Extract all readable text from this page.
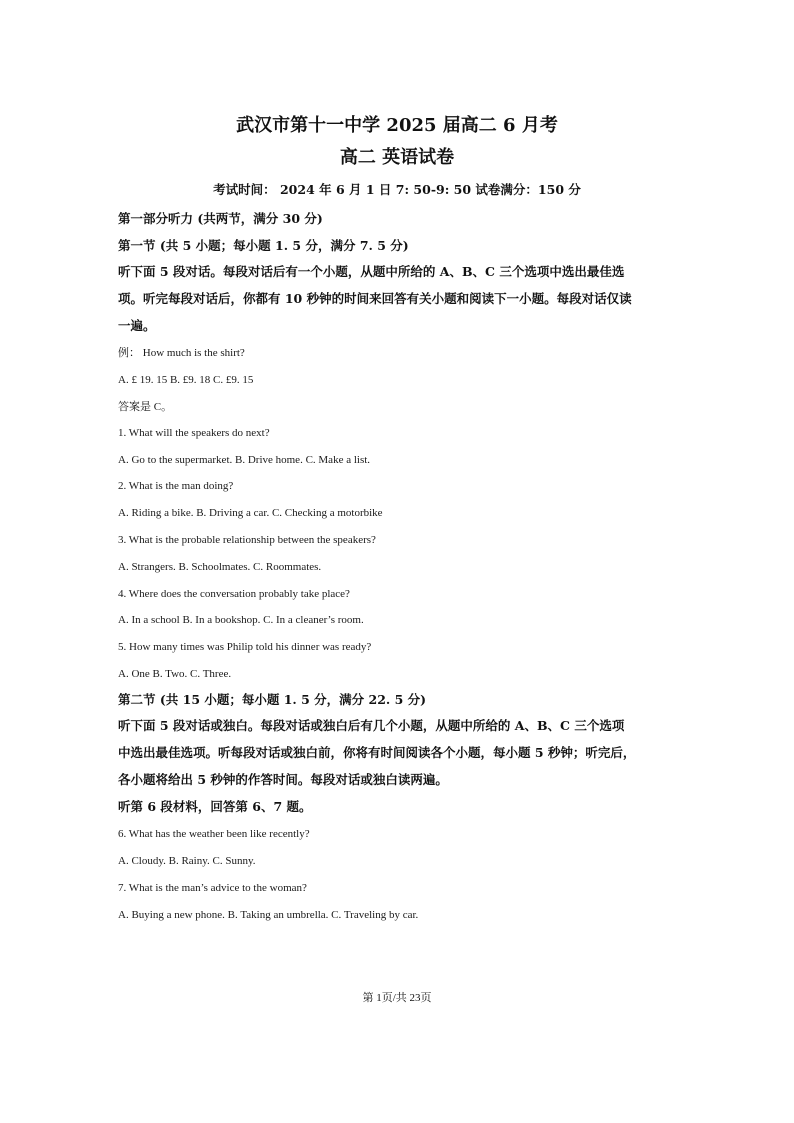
武汉市第十一中学 2025 届高二 6 月考
高二 英语试卷
考试时间： 2024 年 6 月 1 日 7: 50-9: 50 试卷满分：150 分
第一部分听力 (共两节，满分 30 分)
第一节 (共 5 小题；每小题 1. 5 分，满分 7. 5 分)
听下面 5 段对话。每段对话后有一个小题，从题中所给的 A、B、C 三个选项中选出最佳选
项。听完每段对话后，你都有 10 秒钟的时间来回答有关小题和阅读下一小题。每段对话仅读
一遍。
例： How much is the shirt?
A. £ 19. 15 B. £9. 18 C. £9. 15
答案是 C。
1. What will the speakers do next?
A. Go to the supermarket. B. Drive home. C. Make a list.
2. What is the man doing?
A. Riding a bike. B. Driving a car. C. Checking a motorbike
3. What is the probable relationship between the speakers?
A. Strangers. B. Schoolmates. C. Roommates.
4. Where does the conversation probably take place?
A. In a school B. In a bookshop. C. In a cleaner’s room.
5. How many times was Philip told his dinner was ready?
A. One B. Two. C. Three.
第二节 (共 15 小题；每小题 1. 5 分，满分 22. 5 分)
听下面 5 段对话或独白。每段对话或独白后有几个小题，从题中所给的 A、B、C 三个选项
中选出最佳选项。听每段对话或独白前，你将有时间阅读各个小题，每小题 5 秒钟；听完后，
各小题将给出 5 秒钟的作答时间。每段对话或独白读两遍。
听第 6 段材料，回答第 6、7 题。
6. What has the weather been like recently?
A. Cloudy. B. Rainy. C. Sunny.
7. What is the man’s advice to the woman?
A. Buying a new phone. B. Taking an umbrella. C. Traveling by car.
第 1页/共 23页
